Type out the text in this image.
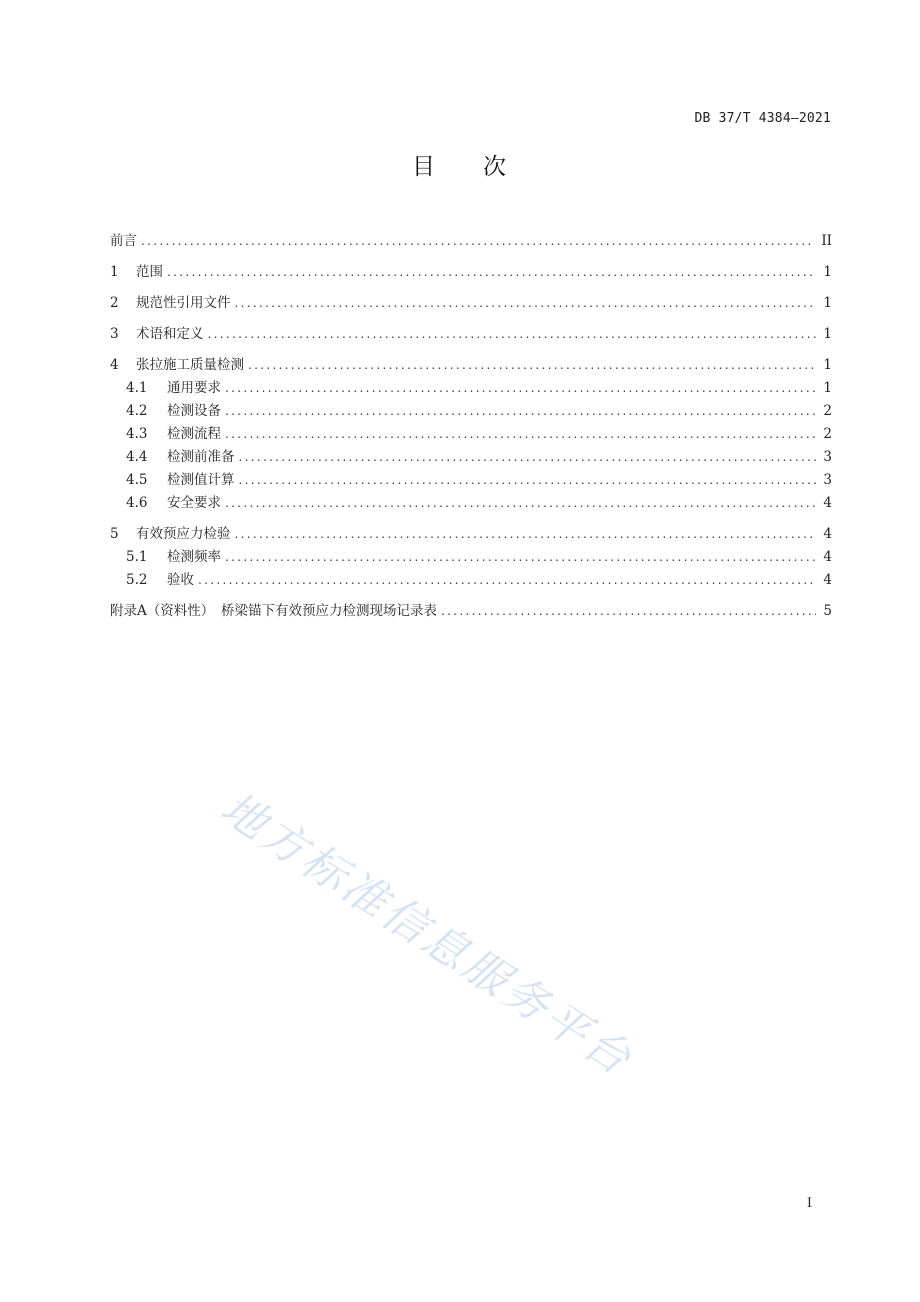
DB 37/T 4384—2021
目 次
前言 .....	II
1 范围 .....	1
2 规范性引用文件 .....	1
3 术语和定义 .....	1
4 张拉施工质量检测 .....	1
4.1 通用要求 .....	1
4.2 检测设备 .....	2
4.3 检测流程 .....	2
4.4 检测前准备 .....	3
4.5 检测值计算 .....	3
4.6 安全要求 .....	4
5 有效预应力检验 .....	4
5.1 检测频率 .....	4
5.2 验收 .....	4
附录A（资料性）　桥梁锚下有效预应力检测现场记录表 .....	5
地方标准信息服务平台
I
